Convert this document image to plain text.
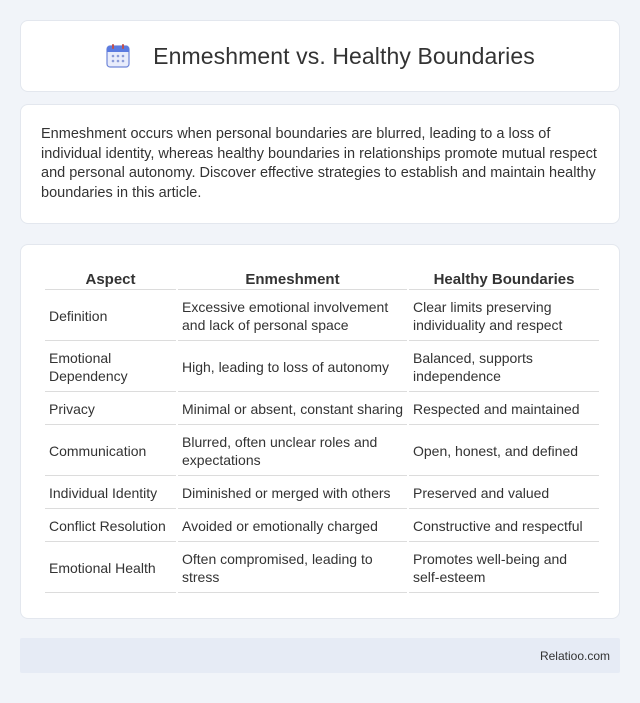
Enmeshment vs. Healthy Boundaries

Enmeshment occurs when personal boundaries are blurred, leading to a loss of individual identity, whereas healthy boundaries in relationships promote mutual respect and personal autonomy. Discover effective strategies to establish and maintain healthy boundaries in this article.

Aspect	Enmeshment	Healthy Boundaries
Definition	Excessive emotional involvement and lack of personal space	Clear limits preserving individuality and respect
Emotional Dependency	High, leading to loss of autonomy	Balanced, supports independence
Privacy	Minimal or absent, constant sharing	Respected and maintained
Communication	Blurred, often unclear roles and expectations	Open, honest, and defined
Individual Identity	Diminished or merged with others	Preserved and valued
Conflict Resolution	Avoided or emotionally charged	Constructive and respectful
Emotional Health	Often compromised, leading to stress	Promotes well-being and self-esteem
Relatioo.com
